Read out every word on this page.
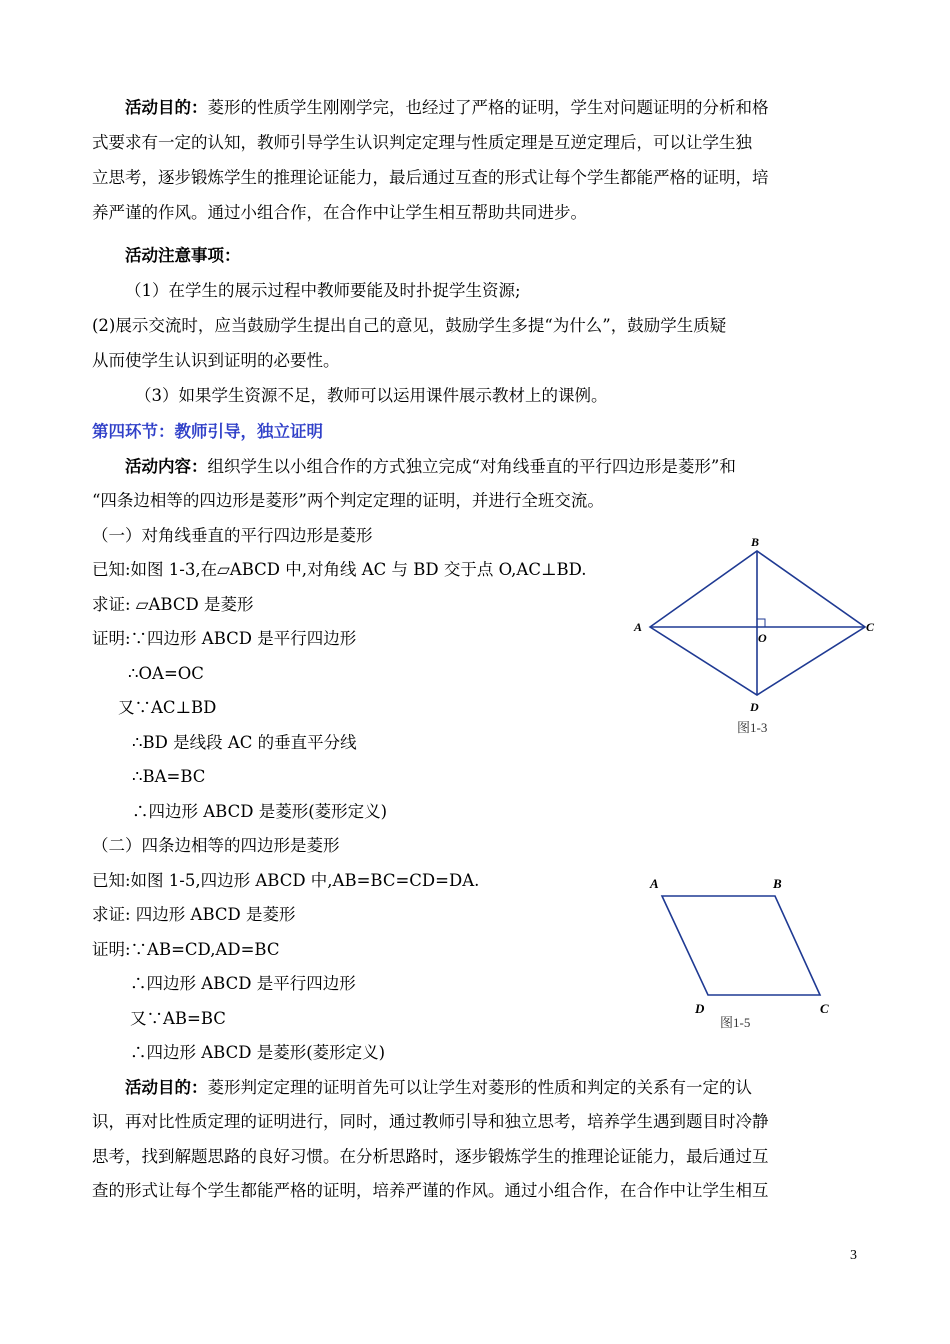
活动目的：菱形的性质学生刚刚学完，也经过了严格的证明，学生对问题证明的分析和格
式要求有一定的认知，教师引导学生认识判定定理与性质定理是互逆定理后，可以让学生独
立思考，逐步锻炼学生的推理论证能力，最后通过互查的形式让每个学生都能严格的证明，培
养严谨的作风。通过小组合作，在合作中让学生相互帮助共同进步。
活动注意事项：
（1）在学生的展示过程中教师要能及时扑捉学生资源;
(2)展示交流时，应当鼓励学生提出自己的意见，鼓励学生多提“为什么”，鼓励学生质疑
从而使学生认识到证明的必要性。
（3）如果学生资源不足，教师可以运用课件展示教材上的课例。
第四环节：教师引导，独立证明
活动内容：组织学生以小组合作的方式独立完成“对角线垂直的平行四边形是菱形”和
“四条边相等的四边形是菱形”两个判定定理的证明，并进行全班交流。
（一）对角线垂直的平行四边形是菱形
已知:如图 1-3,在▱ABCD 中,对角线 AC 与 BD 交于点 O,AC⊥BD.
求证: ▱ABCD 是菱形
证明:∵四边形 ABCD 是平行四边形
∴OA=OC
又∵AC⊥BD
∴BD 是线段 AC 的垂直平分线
∴BA=BC
∴四边形 ABCD 是菱形(菱形定义)
（二）四条边相等的四边形是菱形
已知:如图 1-5,四边形 ABCD 中,AB=BC=CD=DA.
求证: 四边形 ABCD 是菱形
证明:∵AB=CD,AD=BC
∴四边形 ABCD 是平行四边形
又∵AB=BC
∴四边形 ABCD 是菱形(菱形定义)
活动目的：菱形判定定理的证明首先可以让学生对菱形的性质和判定的关系有一定的认
识，再对比性质定理的证明进行，同时，通过教师引导和独立思考，培养学生遇到题目时冷静
思考，找到解题思路的良好习惯。在分析思路时，逐步锻炼学生的推理论证能力，最后通过互
查的形式让每个学生都能严格的证明，培养严谨的作风。通过小组合作，在合作中让学生相互
B
A	C
O
D
图1-3
A	B
C
D
图1-5
3
